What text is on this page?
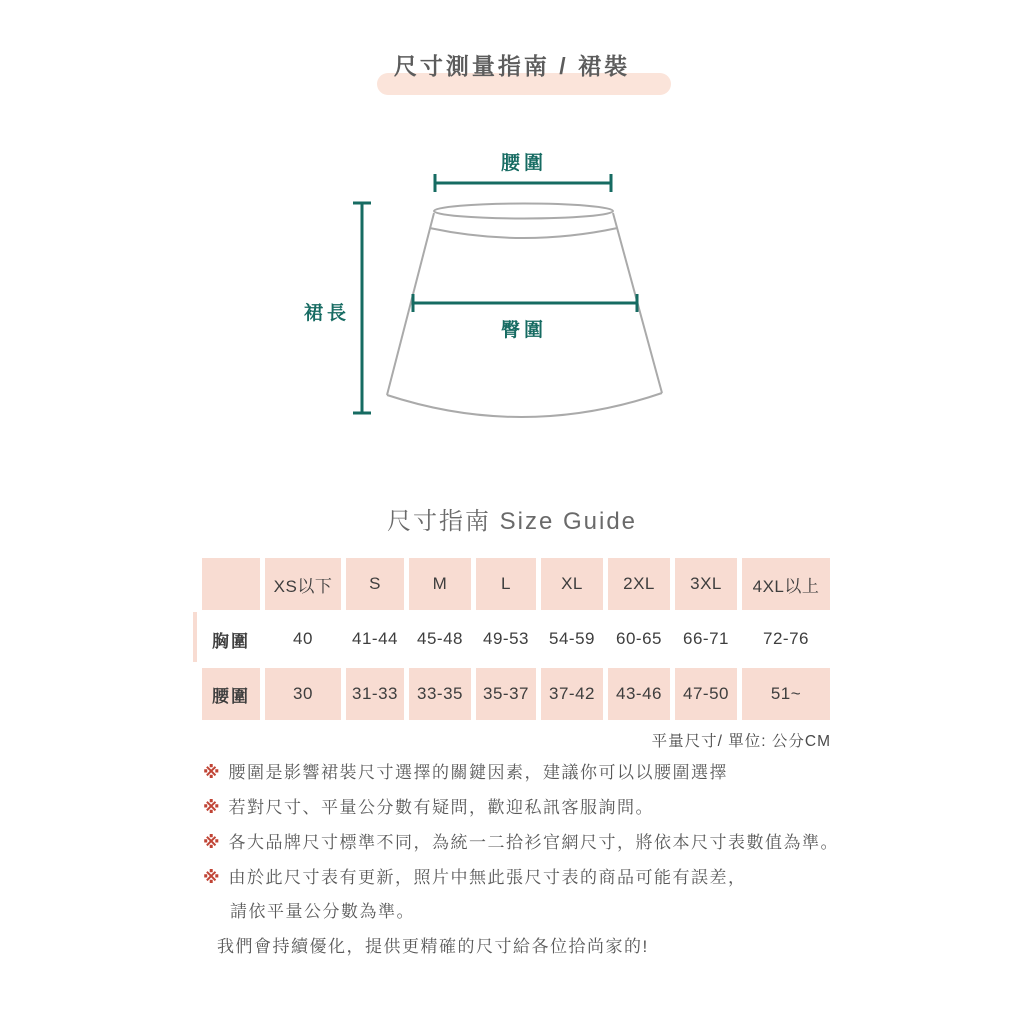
尺寸測量指南 / 裙裝
腰圍
裙長
臀圍
尺寸指南 Size Guide
	XS以下	S	M	L	XL	2XL	3XL	4XL以上
胸圍	40	41-44	45-48	49-53	54-59	60-65	66-71	72-76
腰圍	30	31-33	33-35	35-37	37-42	43-46	47-50	51~
平量尺寸/ 單位: 公分CM
※ 腰圍是影響裙裝尺寸選擇的關鍵因素，建議你可以以腰圍選擇
※ 若對尺寸、平量公分數有疑問，歡迎私訊客服詢問。
※ 各大品牌尺寸標準不同，為統一二拾衫官網尺寸，將依本尺寸表數值為準。
※ 由於此尺寸表有更新，照片中無此張尺寸表的商品可能有誤差，
請依平量公分數為準。
我們會持續優化，提供更精確的尺寸給各位拾尚家的!
